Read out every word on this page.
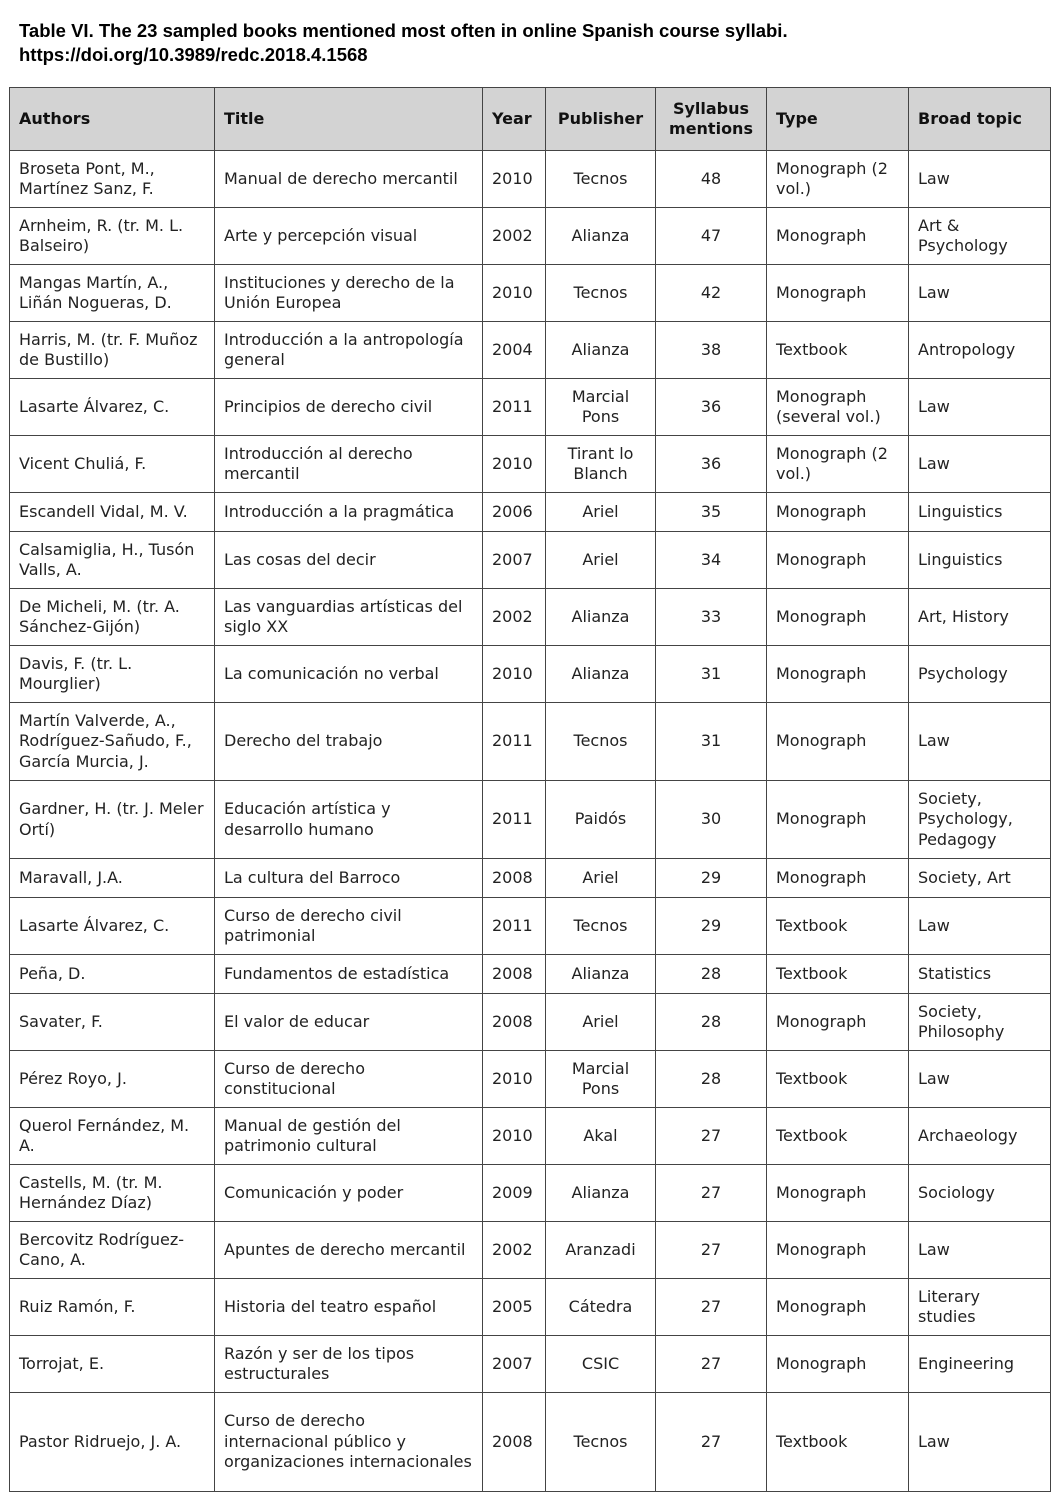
Table VI. The 23 sampled books mentioned most often in online Spanish course syllabi.
https://doi.org/10.3989/redc.2018.4.1568
Authors	Title	Year	Publisher	Syllabus mentions	Type	Broad topic
Broseta Pont, M., Martínez Sanz, F.	Manual de derecho mercantil	2010	Tecnos	48	Monograph (2 vol.)	Law
Arnheim, R. (tr. M. L. Balseiro)	Arte y percepción visual	2002	Alianza	47	Monograph	Art & Psychology
Mangas Martín, A., Liñán Nogueras, D.	Instituciones y derecho de la Unión Europea	2010	Tecnos	42	Monograph	Law
Harris, M. (tr. F. Muñoz de Bustillo)	Introducción a la antropología general	2004	Alianza	38	Textbook	Antropology
Lasarte Álvarez, C.	Principios de derecho civil	2011	Marcial Pons	36	Monograph (several vol.)	Law
Vicent Chuliá, F.	Introducción al derecho mercantil	2010	Tirant lo Blanch	36	Monograph (2 vol.)	Law
Escandell Vidal, M. V.	Introducción a la pragmática	2006	Ariel	35	Monograph	Linguistics
Calsamiglia, H., Tusón Valls, A.	Las cosas del decir	2007	Ariel	34	Monograph	Linguistics
De Micheli, M. (tr. A. Sánchez-Gijón)	Las vanguardias artísticas del siglo XX	2002	Alianza	33	Monograph	Art, History
Davis, F. (tr. L. Mourglier)	La comunicación no verbal	2010	Alianza	31	Monograph	Psychology
Martín Valverde, A., Rodríguez-Sañudo, F., García Murcia, J.	Derecho del trabajo	2011	Tecnos	31	Monograph	Law
Gardner, H. (tr. J. Meler Ortí)	Educación artística y desarrollo humano	2011	Paidós	30	Monograph	Society, Psychology, Pedagogy
Maravall, J.A.	La cultura del Barroco	2008	Ariel	29	Monograph	Society, Art
Lasarte Álvarez, C.	Curso de derecho civil patrimonial	2011	Tecnos	29	Textbook	Law
Peña, D.	Fundamentos de estadística	2008	Alianza	28	Textbook	Statistics
Savater, F.	El valor de educar	2008	Ariel	28	Monograph	Society, Philosophy
Pérez Royo, J.	Curso de derecho constitucional	2010	Marcial Pons	28	Textbook	Law
Querol Fernández, M. A.	Manual de gestión del patrimonio cultural	2010	Akal	27	Textbook	Archaeology
Castells, M. (tr. M. Hernández Díaz)	Comunicación y poder	2009	Alianza	27	Monograph	Sociology
Bercovitz Rodríguez-Cano, A.	Apuntes de derecho mercantil	2002	Aranzadi	27	Monograph	Law
Ruiz Ramón, F.	Historia del teatro español	2005	Cátedra	27	Monograph	Literary studies
Torrojat, E.	Razón y ser de los tipos estructurales	2007	CSIC	27	Monograph	Engineering
Pastor Ridruejo, J. A.	Curso de derecho internacional público y organizaciones internacionales	2008	Tecnos	27	Textbook	Law
